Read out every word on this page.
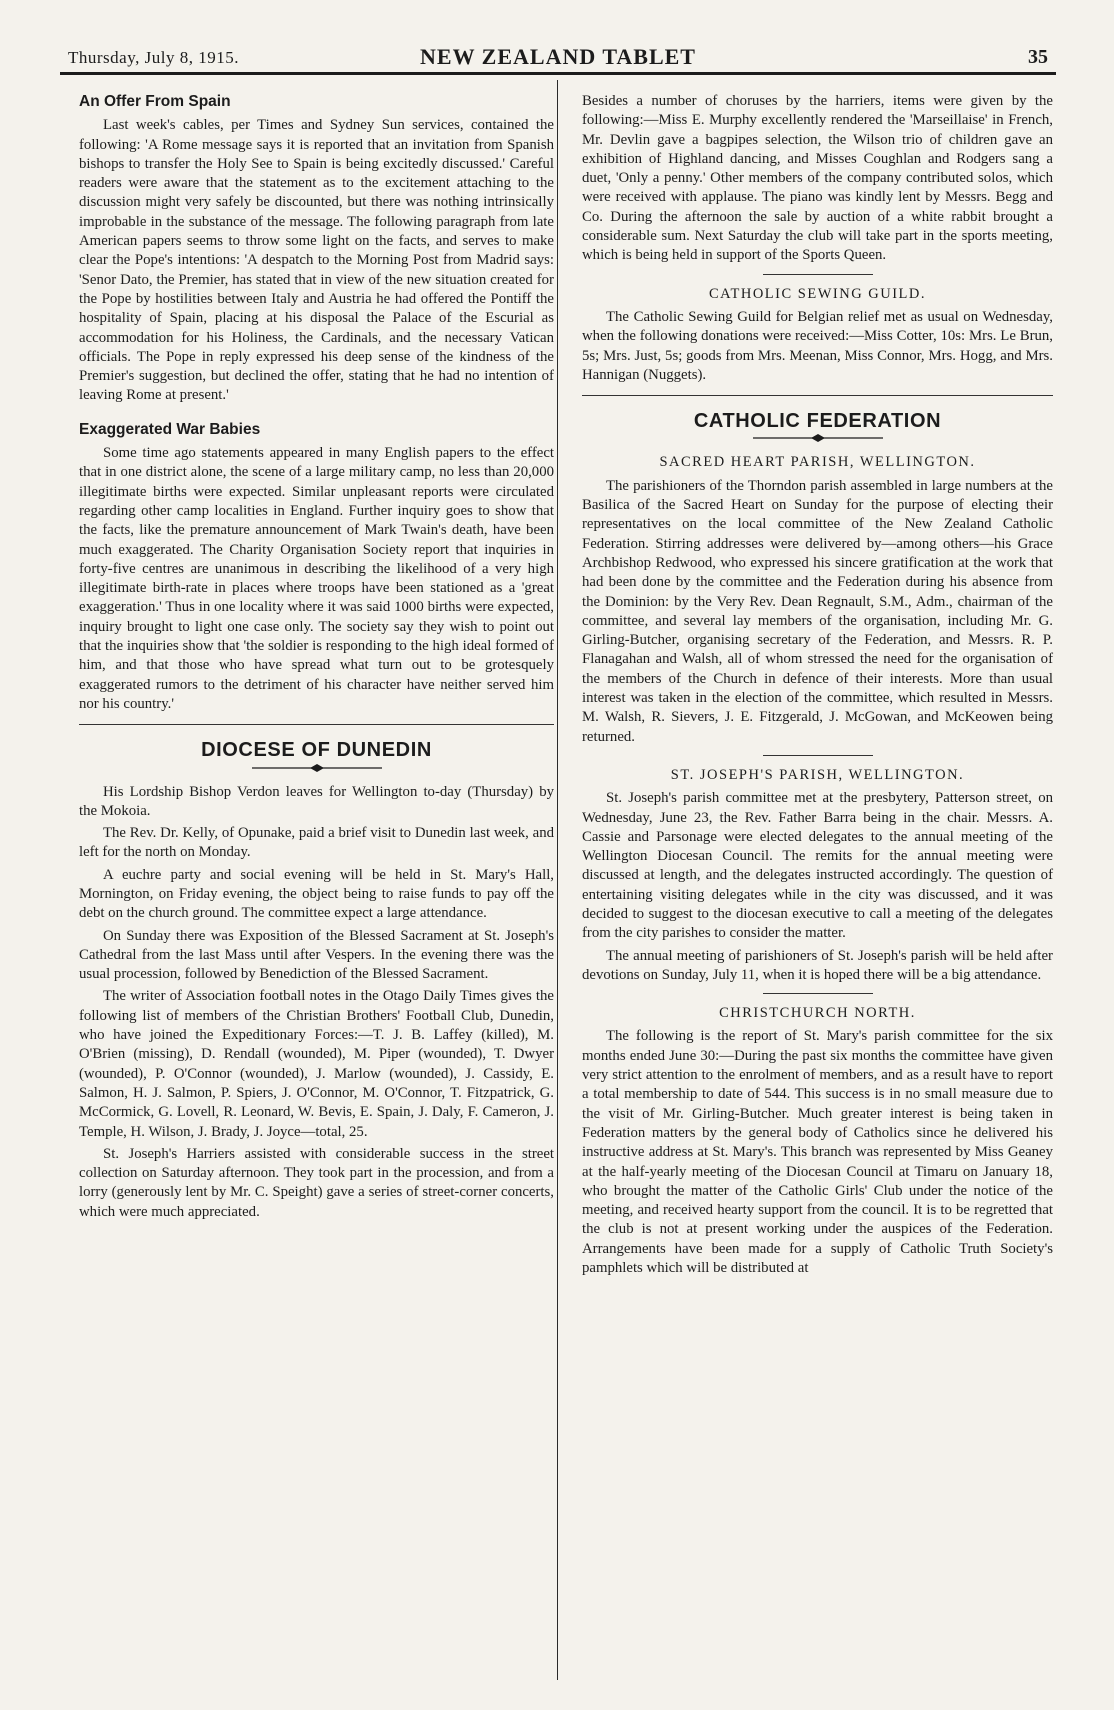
Thursday, July 8, 1915.	NEW ZEALAND TABLET	35
An Offer From Spain

Last week's cables, per Times and Sydney Sun services, contained the following: 'A Rome message says it is reported that an invitation from Spanish bishops to transfer the Holy See to Spain is being excitedly discussed.' Careful readers were aware that the statement as to the excitement attaching to the discussion might very safely be discounted, but there was nothing intrinsically improbable in the substance of the message. The following paragraph from late American papers seems to throw some light on the facts, and serves to make clear the Pope's intentions: 'A despatch to the Morning Post from Madrid says: 'Senor Dato, the Premier, has stated that in view of the new situation created for the Pope by hostilities between Italy and Austria he had offered the Pontiff the hospitality of Spain, placing at his disposal the Palace of the Escurial as accommodation for his Holiness, the Cardinals, and the necessary Vatican officials. The Pope in reply expressed his deep sense of the kindness of the Premier's suggestion, but declined the offer, stating that he had no intention of leaving Rome at present.'

Exaggerated War Babies

Some time ago statements appeared in many English papers to the effect that in one district alone, the scene of a large military camp, no less than 20,000 illegitimate births were expected. Similar unpleasant reports were circulated regarding other camp localities in England. Further inquiry goes to show that the facts, like the premature announcement of Mark Twain's death, have been much exaggerated. The Charity Organisation Society report that inquiries in forty-five centres are unanimous in describing the likelihood of a very high illegitimate birth-rate in places where troops have been stationed as a 'great exaggeration.' Thus in one locality where it was said 1000 births were expected, inquiry brought to light one case only. The society say they wish to point out that the inquiries show that 'the soldier is responding to the high ideal formed of him, and that those who have spread what turn out to be grotesquely exaggerated rumors to the detriment of his character have neither served him nor his country.'

DIOCESE OF DUNEDIN

His Lordship Bishop Verdon leaves for Wellington to-day (Thursday) by the Mokoia.

The Rev. Dr. Kelly, of Opunake, paid a brief visit to Dunedin last week, and left for the north on Monday.

A euchre party and social evening will be held in St. Mary's Hall, Mornington, on Friday evening, the object being to raise funds to pay off the debt on the church ground. The committee expect a large attendance.

On Sunday there was Exposition of the Blessed Sacrament at St. Joseph's Cathedral from the last Mass until after Vespers. In the evening there was the usual procession, followed by Benediction of the Blessed Sacrament.

The writer of Association football notes in the Otago Daily Times gives the following list of members of the Christian Brothers' Football Club, Dunedin, who have joined the Expeditionary Forces:—T. J. B. Laffey (killed), M. O'Brien (missing), D. Rendall (wounded), M. Piper (wounded), T. Dwyer (wounded), P. O'Connor (wounded), J. Marlow (wounded), J. Cassidy, E. Salmon, H. J. Salmon, P. Spiers, J. O'Connor, M. O'Connor, T. Fitzpatrick, G. McCormick, G. Lovell, R. Leonard, W. Bevis, E. Spain, J. Daly, F. Cameron, J. Temple, H. Wilson, J. Brady, J. Joyce—total, 25.

St. Joseph's Harriers assisted with considerable success in the street collection on Saturday afternoon. They took part in the procession, and from a lorry (generously lent by Mr. C. Speight) gave a series of street-corner concerts, which were much appreciated.

Besides a number of choruses by the harriers, items were given by the following:—Miss E. Murphy excellently rendered the 'Marseillaise' in French, Mr. Devlin gave a bagpipes selection, the Wilson trio of children gave an exhibition of Highland dancing, and Misses Coughlan and Rodgers sang a duet, 'Only a penny.' Other members of the company contributed solos, which were received with applause. The piano was kindly lent by Messrs. Begg and Co. During the afternoon the sale by auction of a white rabbit brought a considerable sum. Next Saturday the club will take part in the sports meeting, which is being held in support of the Sports Queen.

CATHOLIC SEWING GUILD.

The Catholic Sewing Guild for Belgian relief met as usual on Wednesday, when the following donations were received:—Miss Cotter, 10s: Mrs. Le Brun, 5s; Mrs. Just, 5s; goods from Mrs. Meenan, Miss Connor, Mrs. Hogg, and Mrs. Hannigan (Nuggets).

CATHOLIC FEDERATION
SACRED HEART PARISH, WELLINGTON.

The parishioners of the Thorndon parish assembled in large numbers at the Basilica of the Sacred Heart on Sunday for the purpose of electing their representatives on the local committee of the New Zealand Catholic Federation. Stirring addresses were delivered by—among others—his Grace Archbishop Redwood, who expressed his sincere gratification at the work that had been done by the committee and the Federation during his absence from the Dominion: by the Very Rev. Dean Regnault, S.M., Adm., chairman of the committee, and several lay members of the organisation, including Mr. G. Girling-Butcher, organising secretary of the Federation, and Messrs. R. P. Flanagahan and Walsh, all of whom stressed the need for the organisation of the members of the Church in defence of their interests. More than usual interest was taken in the election of the committee, which resulted in Messrs. M. Walsh, R. Sievers, J. E. Fitzgerald, J. McGowan, and McKeowen being returned.

ST. JOSEPH'S PARISH, WELLINGTON.

St. Joseph's parish committee met at the presbytery, Patterson street, on Wednesday, June 23, the Rev. Father Barra being in the chair. Messrs. A. Cassie and Parsonage were elected delegates to the annual meeting of the Wellington Diocesan Council. The remits for the annual meeting were discussed at length, and the delegates instructed accordingly. The question of entertaining visiting delegates while in the city was discussed, and it was decided to suggest to the diocesan executive to call a meeting of the delegates from the city parishes to consider the matter.

The annual meeting of parishioners of St. Joseph's parish will be held after devotions on Sunday, July 11, when it is hoped there will be a big attendance.

CHRISTCHURCH NORTH.

The following is the report of St. Mary's parish committee for the six months ended June 30:—During the past six months the committee have given very strict attention to the enrolment of members, and as a result have to report a total membership to date of 544. This success is in no small measure due to the visit of Mr. Girling-Butcher. Much greater interest is being taken in Federation matters by the general body of Catholics since he delivered his instructive address at St. Mary's. This branch was represented by Miss Geaney at the half-yearly meeting of the Diocesan Council at Timaru on January 18, who brought the matter of the Catholic Girls' Club under the notice of the meeting, and received hearty support from the council. It is to be regretted that the club is not at present working under the auspices of the Federation. Arrangements have been made for a supply of Catholic Truth Society's pamphlets which will be distributed at
